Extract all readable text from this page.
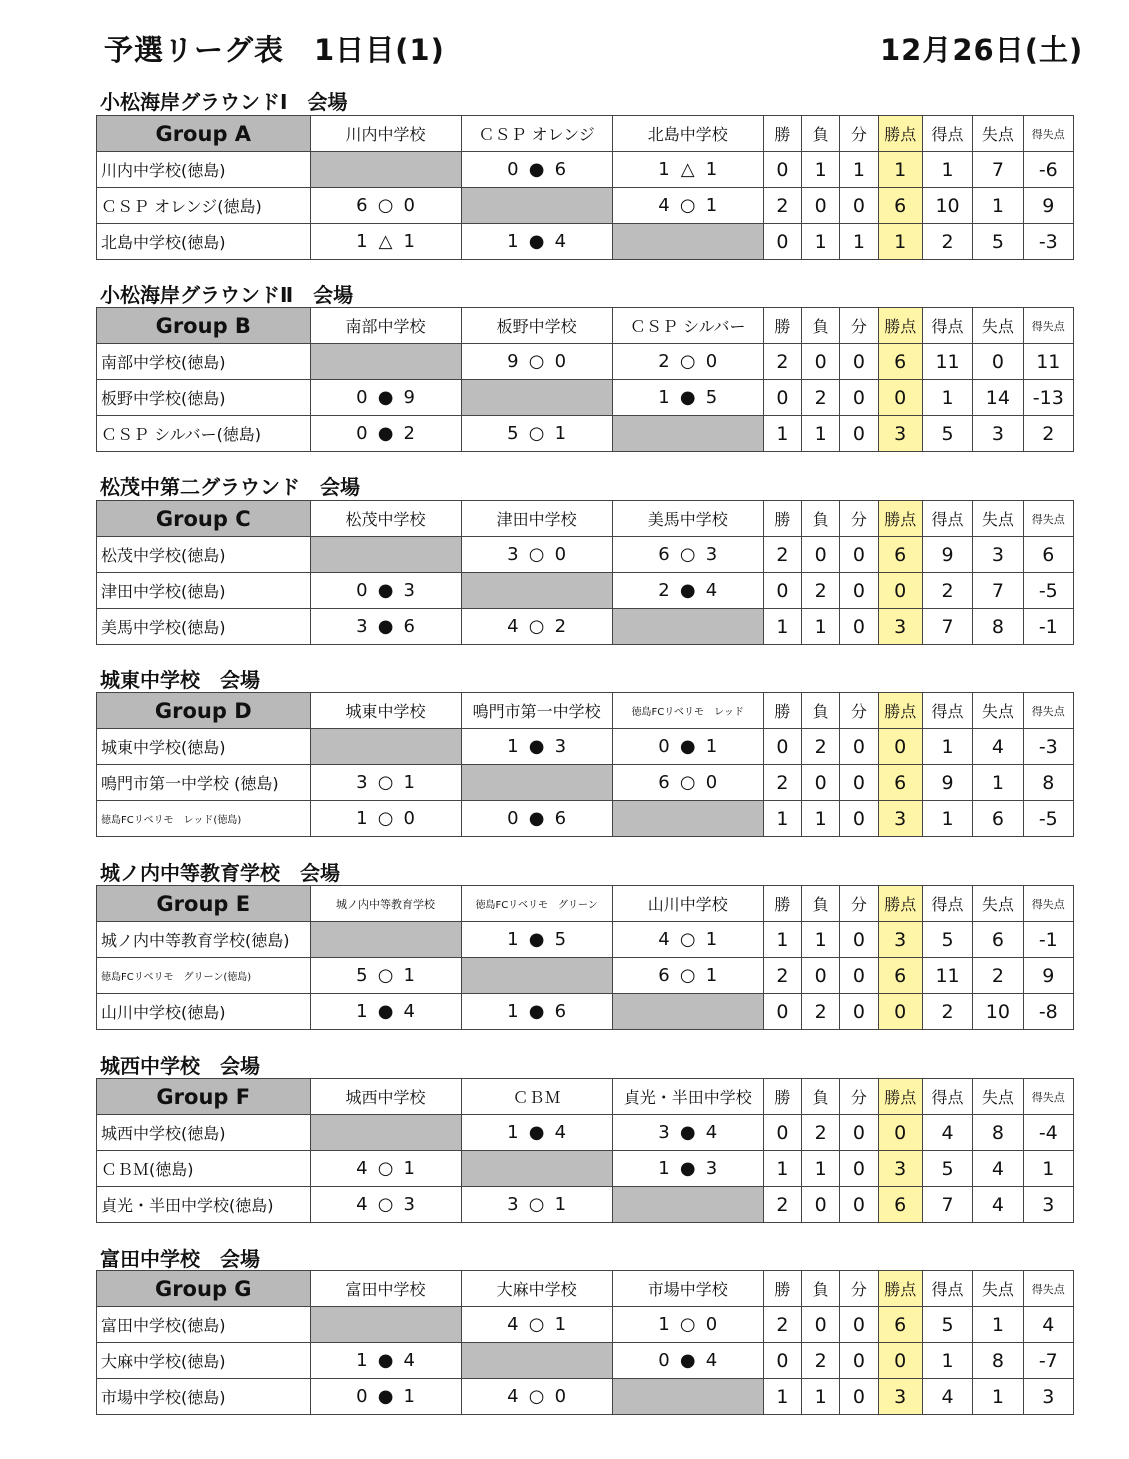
予選リーグ表　1日目(1)	12月26日(土)
小松海岸グラウンドⅠ　会場
Group A	川内中学校	ＣＳＰ オレンジ	北島中学校	勝	負	分	勝点	得点	失点	得失点
川内中学校(徳島)		0 ● 6	1 △ 1	0	1	1	1	1	7	-6
ＣＳＰ オレンジ(徳島)	6 ○ 0		4 ○ 1	2	0	0	6	10	1	9
北島中学校(徳島)	1 △ 1	1 ● 4		0	1	1	1	2	5	-3
小松海岸グラウンドⅡ　会場
Group B	南部中学校	板野中学校	ＣＳＰ シルバー	勝	負	分	勝点	得点	失点	得失点
南部中学校(徳島)		9 ○ 0	2 ○ 0	2	0	0	6	11	0	11
板野中学校(徳島)	0 ● 9		1 ● 5	0	2	0	0	1	14	-13
ＣＳＰ シルバー(徳島)	0 ● 2	5 ○ 1		1	1	0	3	5	3	2
松茂中第二グラウンド　会場
Group C	松茂中学校	津田中学校	美馬中学校	勝	負	分	勝点	得点	失点	得失点
松茂中学校(徳島)		3 ○ 0	6 ○ 3	2	0	0	6	9	3	6
津田中学校(徳島)	0 ● 3		2 ● 4	0	2	0	0	2	7	-5
美馬中学校(徳島)	3 ● 6	4 ○ 2		1	1	0	3	7	8	-1
城東中学校　会場
Group D	城東中学校	鳴門市第一中学校	徳島FCリベリモ　レッド	勝	負	分	勝点	得点	失点	得失点
城東中学校(徳島)		1 ● 3	0 ● 1	0	2	0	0	1	4	-3
鳴門市第一中学校 (徳島)	3 ○ 1		6 ○ 0	2	0	0	6	9	1	8
徳島FCリベリモ　レッド(徳島)	1 ○ 0	0 ● 6		1	1	0	3	1	6	-5
城ノ内中等教育学校　会場
Group E	城ノ内中等教育学校	徳島FCリベリモ　グリーン	山川中学校	勝	負	分	勝点	得点	失点	得失点
城ノ内中等教育学校(徳島)		1 ● 5	4 ○ 1	1	1	0	3	5	6	-1
徳島FCリベリモ　グリーン(徳島)	5 ○ 1		6 ○ 1	2	0	0	6	11	2	9
山川中学校(徳島)	1 ● 4	1 ● 6		0	2	0	0	2	10	-8
城西中学校　会場
Group F	城西中学校	ＣＢＭ	貞光・半田中学校	勝	負	分	勝点	得点	失点	得失点
城西中学校(徳島)		1 ● 4	3 ● 4	0	2	0	0	4	8	-4
ＣＢＭ(徳島)	4 ○ 1		1 ● 3	1	1	0	3	5	4	1
貞光・半田中学校(徳島)	4 ○ 3	3 ○ 1		2	0	0	6	7	4	3
富田中学校　会場
Group G	富田中学校	大麻中学校	市場中学校	勝	負	分	勝点	得点	失点	得失点
富田中学校(徳島)		4 ○ 1	1 ○ 0	2	0	0	6	5	1	4
大麻中学校(徳島)	1 ● 4		0 ● 4	0	2	0	0	1	8	-7
市場中学校(徳島)	0 ● 1	4 ○ 0		1	1	0	3	4	1	3
